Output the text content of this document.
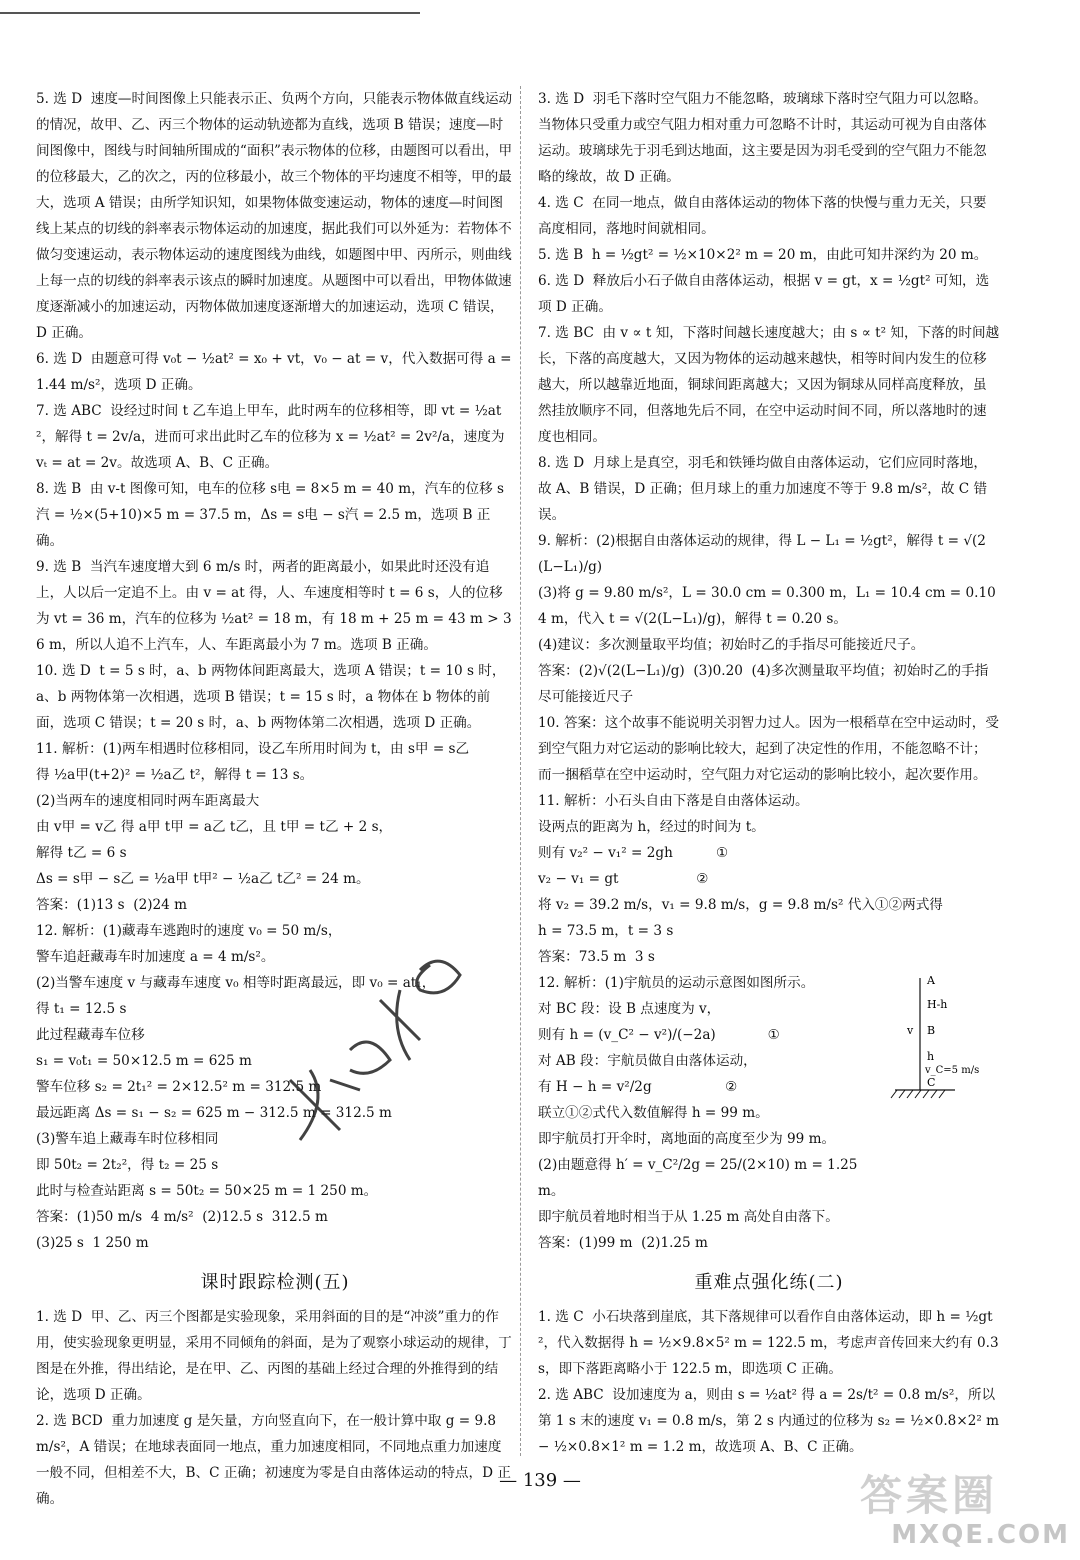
5. 选 D  速度—时间图像上只能表示正、负两个方向，只能表示物体做直线运动的情况，故甲、乙、丙三个物体的运动轨迹都为直线，选项 B 错误；速度—时间图像中，图线与时间轴所围成的“面积”表示物体的位移，由题图可以看出，甲的位移最大，乙的次之，丙的位移最小，故三个物体的平均速度不相等，甲的最大，选项 A 错误；由所学知识知，如果物体做变速运动，物体的速度—时间图线上某点的切线的斜率表示物体运动的加速度，据此我们可以外延为：若物体不做匀变速运动，表示物体运动的速度图线为曲线，如题图中甲、丙所示，则曲线上每一点的切线的斜率表示该点的瞬时加速度。从题图中可以看出，甲物体做速度逐渐减小的加速运动，丙物体做加速度逐渐增大的加速运动，选项 C 错误，D 正确。

6. 选 D  由题意可得 v₀t − ½at² = x₀ + vt，v₀ − at = v，代入数据可得 a = 1.44 m/s²，选项 D 正确。

7. 选 ABC  设经过时间 t 乙车追上甲车，此时两车的位移相等，即 vt = ½at²，解得 t = 2v/a，进而可求出此时乙车的位移为 x = ½at² = 2v²/a，速度为 vₜ = at = 2v。故选项 A、B、C 正确。

8. 选 B  由 v-t 图像可知，电车的位移 s电 = 8×5 m = 40 m，汽车的位移 s汽 = ½×(5+10)×5 m = 37.5 m，Δs = s电 − s汽 = 2.5 m，选项 B 正确。

9. 选 B  当汽车速度增大到 6 m/s 时，两者的距离最小，如果此时还没有追上，人以后一定追不上。由 v = at 得，人、车速度相等时 t = 6 s，人的位移为 vt = 36 m，汽车的位移为 ½at² = 18 m，有 18 m + 25 m = 43 m > 36 m，所以人追不上汽车，人、车距离最小为 7 m。选项 B 正确。

10. 选 D  t = 5 s 时，a、b 两物体间距离最大，选项 A 错误；t = 10 s 时，a、b 两物体第一次相遇，选项 B 错误；t = 15 s 时，a 物体在 b 物体的前面，选项 C 错误；t = 20 s 时，a、b 两物体第二次相遇，选项 D 正确。

11. 解析：(1)两车相遇时位移相同，设乙车所用时间为 t，由 s甲 = s乙
得 ½a甲(t+2)² = ½a乙 t²，解得 t = 13 s。
(2)当两车的速度相同时两车距离最大
由 v甲 = v乙 得 a甲 t甲 = a乙 t乙，且 t甲 = t乙 + 2 s，
解得 t乙 = 6 s
Δs = s甲 − s乙 = ½a甲 t甲² − ½a乙 t乙² = 24 m。
答案：(1)13 s  (2)24 m

12. 解析：(1)藏毒车逃跑时的速度 v₀ = 50 m/s，
警车追赶藏毒车时加速度 a = 4 m/s²。
(2)当警车速度 v 与藏毒车速度 v₀ 相等时距离最远，即 v₀ = at₁，
得 t₁ = 12.5 s
此过程藏毒车位移
s₁ = v₀t₁ = 50×12.5 m = 625 m
警车位移 s₂ = 2t₁² = 2×12.5² m = 312.5 m
最远距离 Δs = s₁ − s₂ = 625 m − 312.5 m = 312.5 m
(3)警车追上藏毒车时位移相同
即 50t₂ = 2t₂²，得 t₂ = 25 s
此时与检查站距离 s = 50t₂ = 50×25 m = 1 250 m。
答案：(1)50 m/s  4 m/s²  (2)12.5 s  312.5 m
(3)25 s  1 250 m

课时跟踪检测(五)

1. 选 D  甲、乙、丙三个图都是实验现象，采用斜面的目的是“冲淡”重力的作用，使实验现象更明显，采用不同倾角的斜面，是为了观察小球运动的规律，丁图是在外推，得出结论，是在甲、乙、丙图的基础上经过合理的外推得到的结论，选项 D 正确。

2. 选 BCD  重力加速度 g 是矢量，方向竖直向下，在一般计算中取 g = 9.8 m/s²，A 错误；在地球表面同一地点，重力加速度相同，不同地点重力加速度一般不同，但相差不大，B、C 正确；初速度为零是自由落体运动的特点，D 正确。

3. 选 D  羽毛下落时空气阻力不能忽略，玻璃球下落时空气阻力可以忽略。当物体只受重力或空气阻力相对重力可忽略不计时，其运动可视为自由落体运动。玻璃球先于羽毛到达地面，这主要是因为羽毛受到的空气阻力不能忽略的缘故，故 D 正确。

4. 选 C  在同一地点，做自由落体运动的物体下落的快慢与重力无关，只要高度相同，落地时间就相同。

5. 选 B  h = ½gt² = ½×10×2² m = 20 m，由此可知井深约为 20 m。

6. 选 D  释放后小石子做自由落体运动，根据 v = gt，x = ½gt² 可知，选项 D 正确。

7. 选 BC  由 v ∝ t 知，下落时间越长速度越大；由 s ∝ t² 知，下落的时间越长，下落的高度越大，又因为物体的运动越来越快，相等时间内发生的位移越大，所以越靠近地面，铜球间距离越大；又因为铜球从同样高度释放，虽然挂放顺序不同，但落地先后不同，在空中运动时间不同，所以落地时的速度也相同。

8. 选 D  月球上是真空，羽毛和铁锤均做自由落体运动，它们应同时落地，故 A、B 错误，D 正确；但月球上的重力加速度不等于 9.8 m/s²，故 C 错误。

9. 解析：(2)根据自由落体运动的规律，得 L − L₁ = ½gt²，解得 t = √(2(L−L₁)/g)
(3)将 g = 9.80 m/s²，L = 30.0 cm = 0.300 m，L₁ = 10.4 cm = 0.104 m，代入 t = √(2(L−L₁)/g)，解得 t = 0.20 s。
(4)建议：多次测量取平均值；初始时乙的手指尽可能接近尺子。
答案：(2)√(2(L−L₁)/g)  (3)0.20  (4)多次测量取平均值；初始时乙的手指尽可能接近尺子

10. 答案：这个故事不能说明关羽智力过人。因为一根稻草在空中运动时，受到空气阻力对它运动的影响比较大，起到了决定性的作用，不能忽略不计；而一捆稻草在空中运动时，空气阻力对它运动的影响比较小，起次要作用。

11. 解析：小石头自由下落是自由落体运动。
设两点的距离为 h，经过的时间为 t。
则有 v₂² − v₁² = 2gh          ①
v₂ − v₁ = gt                  ②
将 v₂ = 39.2 m/s，v₁ = 9.8 m/s，g = 9.8 m/s² 代入①②两式得
h = 73.5 m，t = 3 s
答案：73.5 m  3 s

12. 解析：(1)宇航员的运动示意图如图所示。
对 BC 段：设 B 点速度为 v，
则有 h = (v_C² − v²)/(−2a)            ①
对 AB 段：宇航员做自由落体运动，
有 H − h = v²/2g                 ②
联立①②式代入数值解得 h = 99 m。
即宇航员打开伞时，离地面的高度至少为 99 m。
(2)由题意得 h′ = v_C²/2g = 25/(2×10) m = 1.25 m。
即宇航员着地时相当于从 1.25 m 高处自由落下。
答案：(1)99 m  (2)1.25 m

A
H-h
B
v
h
C
v_C=5 m/s
重难点强化练(二)

1. 选 C  小石块落到崖底，其下落规律可以看作自由落体运动，即 h = ½gt²，代入数据得 h = ½×9.8×5² m = 122.5 m，考虑声音传回来大约有 0.3 s，即下落距离略小于 122.5 m，即选项 C 正确。

2. 选 ABC  设加速度为 a，则由 s = ½at² 得 a = 2s/t² = 0.8 m/s²，所以第 1 s 末的速度 v₁ = 0.8 m/s，第 2 s 内通过的位移为 s₂ = ½×0.8×2² m − ½×0.8×1² m = 1.2 m，故选项 A、B、C 正确。

— 139 —	答案圈
MXQE.COM
